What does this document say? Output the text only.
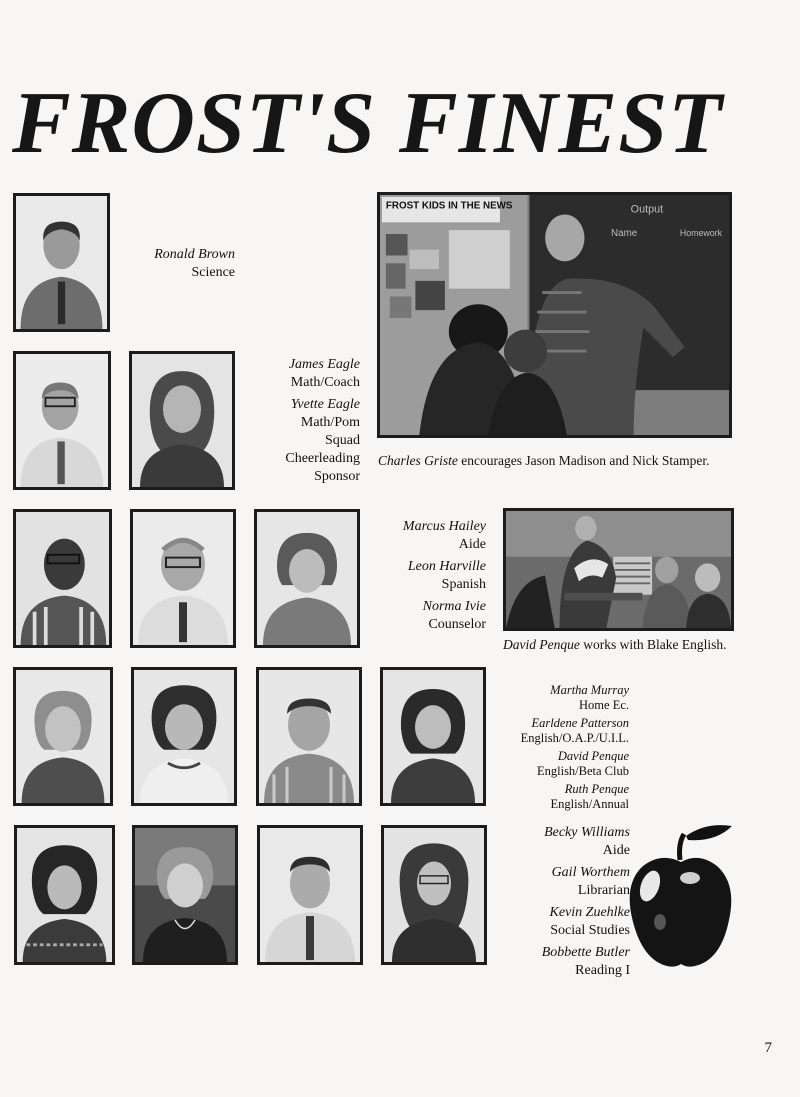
FROST'S FINEST
FROST KIDS IN THE NEWS	Output
Name	Homework
Ronald Brown
Science
James Eagle
Math/Coach
Yvette Eagle
Math/Pom
Squad
Cheerleading
Sponsor
Marcus Hailey
Aide
Leon Harville
Spanish
Norma Ivie
Counselor
Martha Murray
Home Ec.
Earldene Patterson
English/O.A.P./U.I.L.
David Penque
English/Beta Club
Ruth Penque
English/Annual
Becky Williams
Aide
Gail Worthem
Librarian
Kevin Zuehlke
Social Studies
Bobbette Butler
Reading I
Charles Griste encourages Jason Madison and Nick Stamper.
David Penque works with Blake English.
7
